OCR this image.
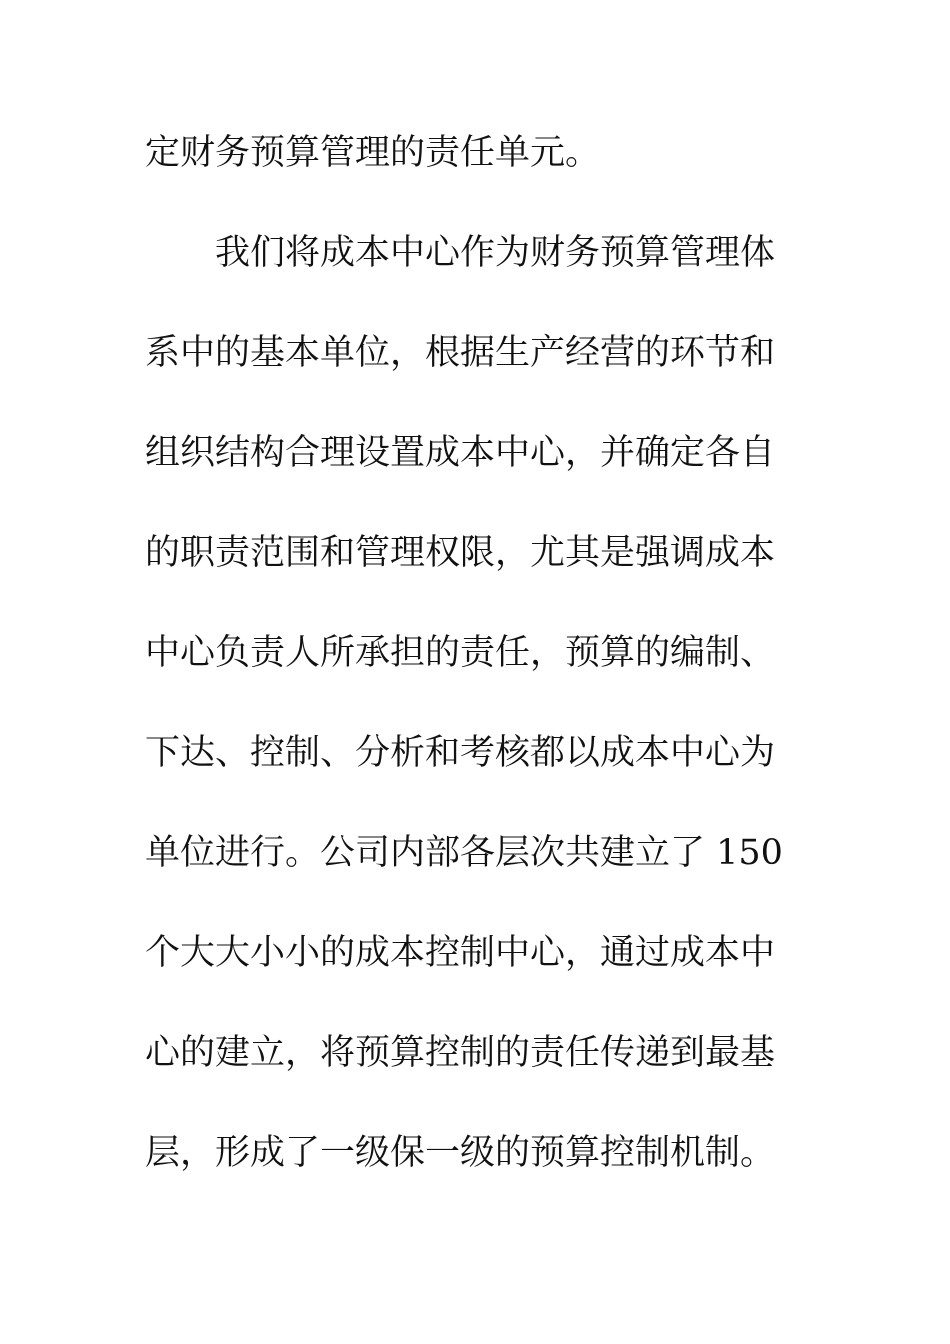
定财务预算管理的责任单元。
我们将成本中心作为财务预算管理体
系中的基本单位，根据生产经营的环节和
组织结构合理设置成本中心，并确定各自
的职责范围和管理权限，尤其是强调成本
中心负责人所承担的责任，预算的编制、
下达、控制、分析和考核都以成本中心为
单位进行。公司内部各层次共建立了 150
个大大小小的成本控制中心，通过成本中
心的建立，将预算控制的责任传递到最基
层，形成了一级保一级的预算控制机制。
